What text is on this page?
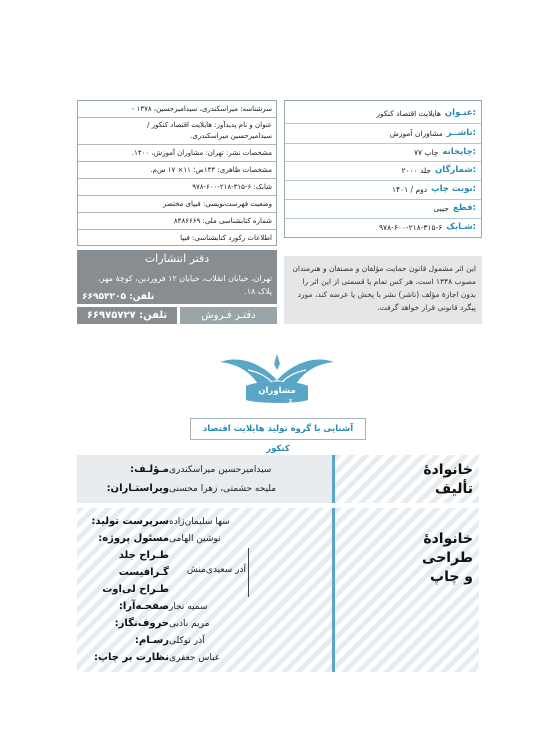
عنـوان:
هایلایت اقتصاد کنکور
ناشــر:
مشاوران آموزش
چاپخانه:
چاپ ۷۷
شمارگان:
۲۰۰۰ جلد
نوبت چاپ:
دوم / ۱۴۰۱
قطع:
جیبی
شـابک:
۹۷۸-۶۰۰-۲۱۸-۳۱۵-۶
سرشناسه: میراسکندری، سیدامیرحسین، ۱۳۷۸ -
عنوان و نام پدیدآور: هایلایت اقتصاد کنکور /
سیدامیرحسین میراسکندری.
مشخصات نشر: تهران: مشاوران آموزش، ۱۴۰۰.
مشخصات ظاهری: ۱۴۴ص؛ ۱۱× ۱۷ س‌م.
شابک: ۶-۳۱۵-۲۱۸-۶۰۰-۹۷۸
وضعیت فهرست‌نویسی: فیپای مختصر
شماره کتابشناسی ملی: ۸۴۸۶۶۶۹
اطلاعات رکورد کتابشناسی: فیپا
دفتر انتشارات
تهران، خیابان انقلاب، خیابان ۱۲ فروردین، کوچهٔ مهر، پلاک ۱۸.
تلفن: ۶۶۹۵۳۲۰۵
تلفن: ۶۶۹۷۵۷۲۷	دفتـر فـروش
این اثر مشمول قانون حمایت مؤلفان و مصنفان و هنرمندان مصوب ۱۳۴۸ است، هر کس تمام یا قسمتی از این اثر را بدون اجازهٔ مؤلف (ناشر) نشر یا پخش یا عرضه کند، مورد پیگرد قانونی قرار خواهد گرفت.
مشاوران آموزش
آشنایی با گروه تولید هایلایت اقتصاد کنکور
خانوادهٔ
تألیف
مـؤلـف: سیدامیرحسین میراسکندری
ویراستـاران: ملیحه حشمتی، زهرا محسنی
خانوادهٔ
طراحی
و چاپ
سرپرست تولید: سها سلیمان‌زاده
مسئول پروژه: نوشین الهامی
طـراح جلد
گـرافیست
طـراح لی‌اوت
صفحـه‌آرا: سمیه نجار
حروف‌نگار: مریم نادبی
رسـام: آذر توکلی
نظارت بر چاپ: عباس جعفری
آذر سعیدی‌منش
